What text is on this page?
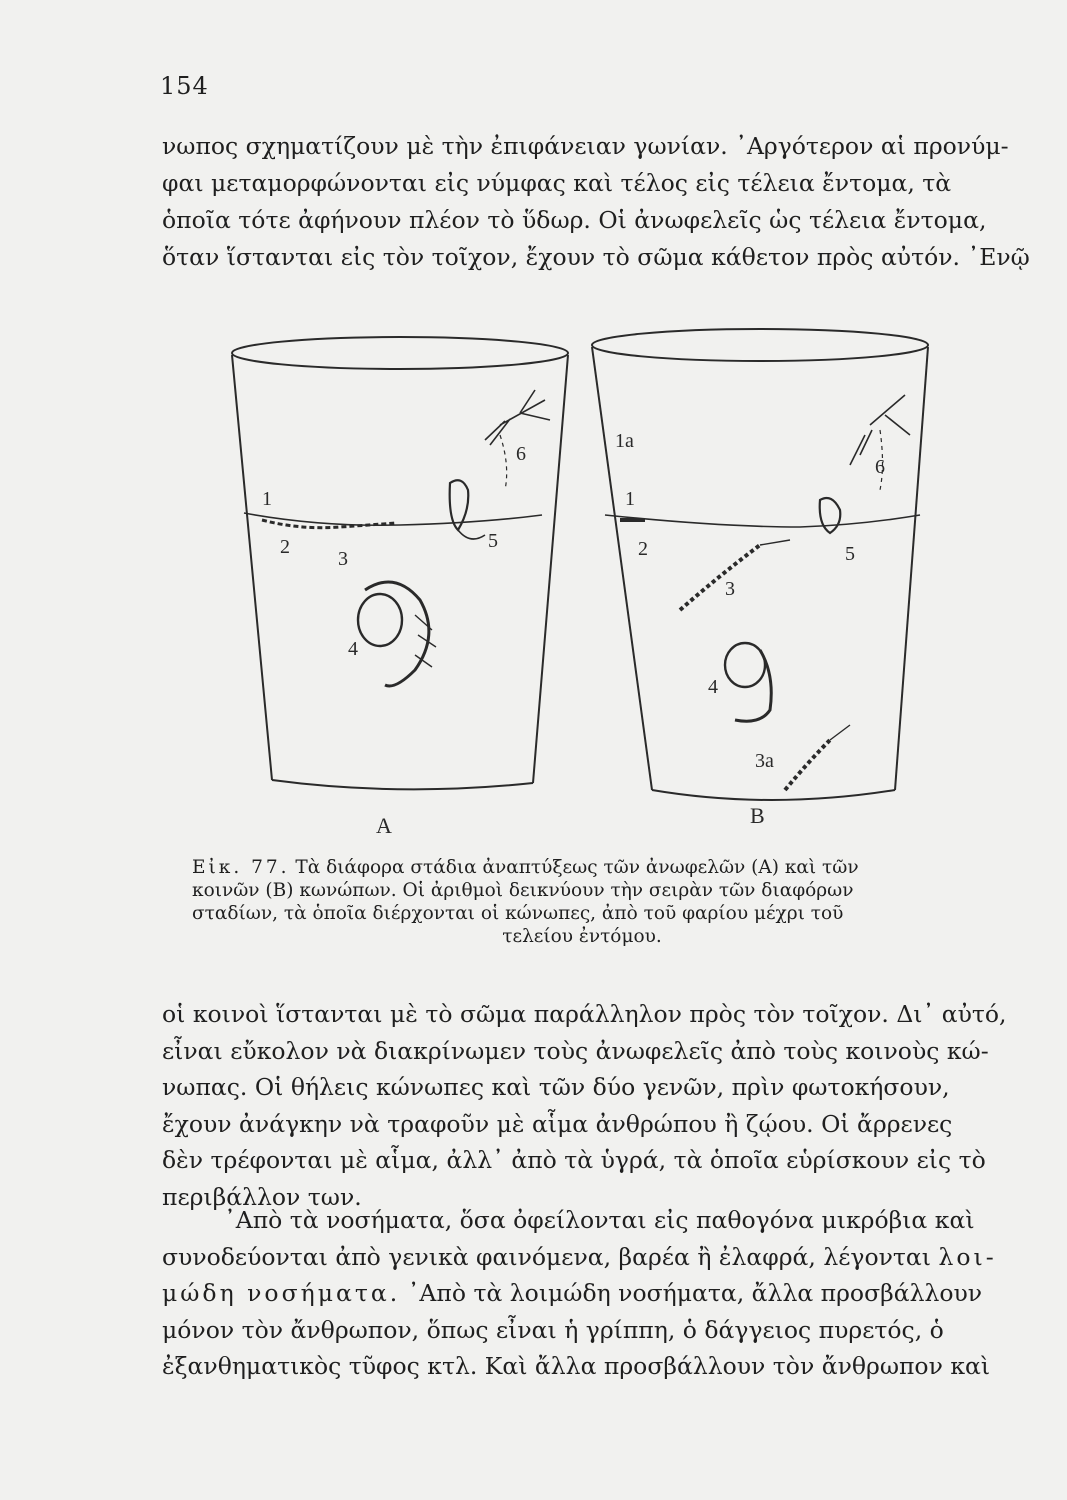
154
νωπος σχηματίζουν μὲ τὴν ἐπιφάνειαν γωνίαν. ᾿Αργότερον αἱ προνύμ-
φαι μεταμορφώνονται εἰς νύμφας καὶ τέλος εἰς τέλεια ἔντομα, τὰ
ὁποῖα τότε ἀφήνουν πλέον τὸ ὕδωρ. Οἱ ἀνωφελεῖς ὡς τέλεια ἔντομα,
ὅταν ἵστανται εἰς τὸν τοῖχον, ἔχουν τὸ σῶμα κάθετον πρὸς αὐτόν. ᾿Ενῷ
1
2
3
4
5
6
1a
1
2
3
3a
4
5
6
A	B
Εἰκ. 77. Τὰ διάφορα στάδια ἀναπτύξεως τῶν ἀνωφελῶν (Α) καὶ τῶν
κοινῶν (Β) κωνώπων. Οἱ ἀριθμοὶ δεικνύουν τὴν σειρὰν τῶν διαφόρων
σταδίων, τὰ ὁποῖα διέρχονται οἱ κώνωπες, ἀπὸ τοῦ φαρίου μέχρι τοῦ
τελείου ἐντόμου.
οἱ κοινοὶ ἵστανται μὲ τὸ σῶμα παράλληλον πρὸς τὸν τοῖχον. Δι᾿ αὐτό,
εἶναι εὔκολον νὰ διακρίνωμεν τοὺς ἀνωφελεῖς ἀπὸ τοὺς κοινοὺς κώ-
νωπας. Οἱ θήλεις κώνωπες καὶ τῶν δύο γενῶν, πρὶν φωτοκήσουν,
ἔχουν ἀνάγκην νὰ τραφοῦν μὲ αἷμα ἀνθρώπου ἢ ζῴου. Οἱ ἄρρενες
δὲν τρέφονται μὲ αἷμα, ἀλλ᾿ ἀπὸ τὰ ὑγρά, τὰ ὁποῖα εὑρίσκουν εἰς τὸ
περιβάλλον των.
᾿Απὸ τὰ νοσήματα, ὅσα ὀφείλονται εἰς παθογόνα μικρόβια καὶ
συνοδεύονται ἀπὸ γενικὰ φαινόμενα, βαρέα ἢ ἐλαφρά, λέγονται λοι-
μώδη νοσήματα. ᾿Απὸ τὰ λοιμώδη νοσήματα, ἄλλα προσβάλλουν
μόνον τὸν ἄνθρωπον, ὅπως εἶναι ἡ γρίππη, ὁ δάγγειος πυρετός, ὁ
ἐξανθηματικὸς τῦφος κτλ. Καὶ ἄλλα προσβάλλουν τὸν ἄνθρωπον καὶ
